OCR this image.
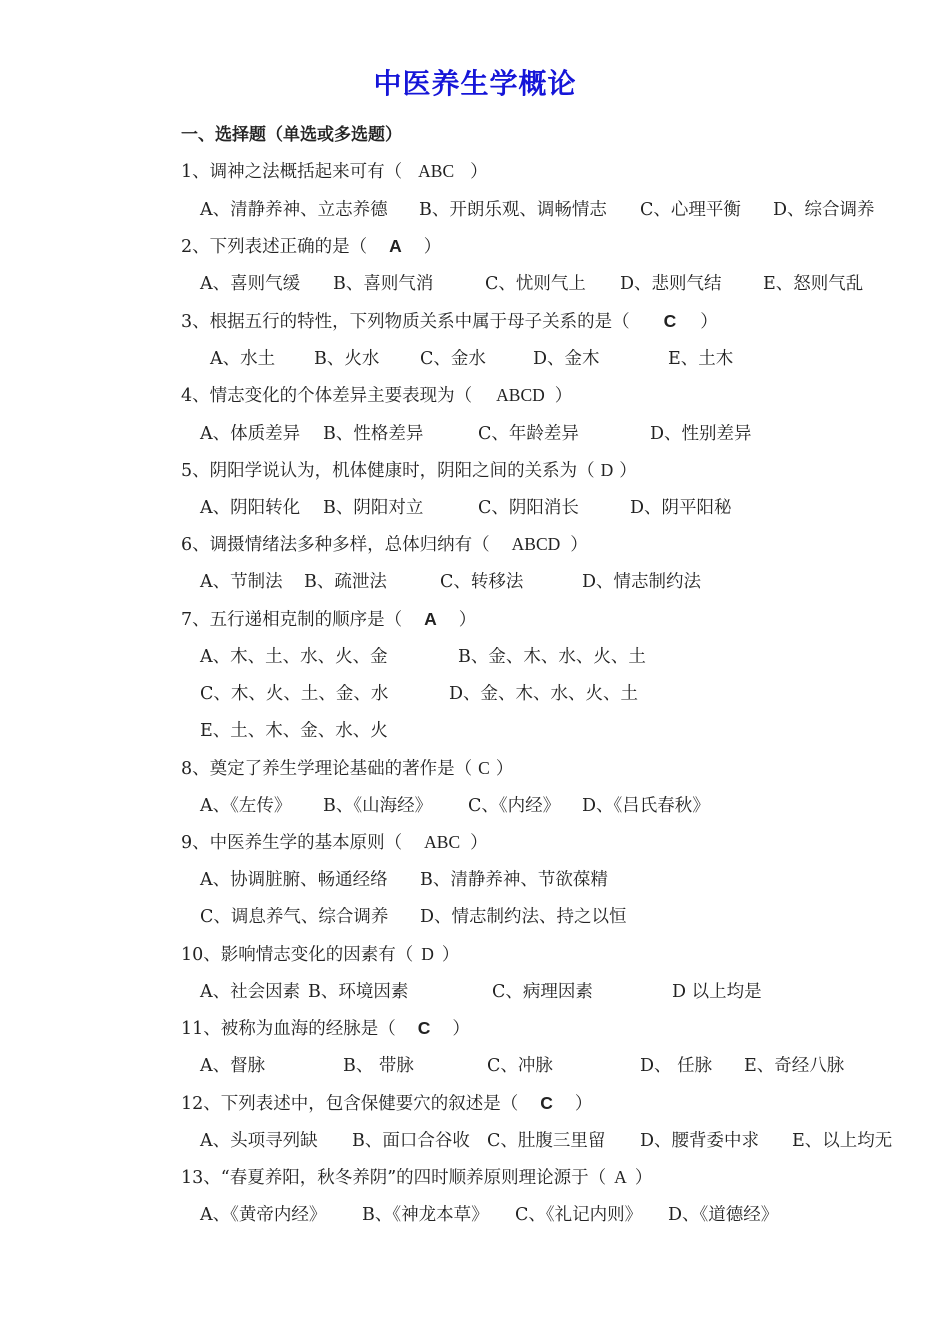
中医养生学概论
一、选择题（单选或多选题）
1、调神之法概括起来可有（ ABC ）
A、清静养神、立志养德 B、开朗乐观、调畅情志 C、心理平衡 D、综合调养
2、下列表述正确的是（ A ）
A、喜则气缓 B、喜则气消	C、忧则气上 D、悲则气结 E、怒则气乱
3、根据五行的特性，下列物质关系中属于母子关系的是（ C ）
A、水土 B、火水 C、金水	D、金木	E、土木
4、情志变化的个体差异主要表现为（ ABCD ）
A、体质差异 B、性格差异	C、年龄差异	D、性别差异
5、阴阳学说认为，机体健康时，阴阳之间的关系为（ D ）
A、阴阳转化 B、阴阳对立	C、阴阳消长	D、阴平阳秘
6、调摄情绪法多种多样，总体归纳有（ ABCD ）
A、节制法 B、疏泄法	C、转移法	D、情志制约法
7、五行递相克制的顺序是（ A ）
A、木、土、水、火、金	B、金、木、水、火、土
C、木、火、土、金、水	D、金、木、水、火、土
E、土、木、金、水、火
8、奠定了养生学理论基础的著作是（ C ）
A、《左传》 B、《山海经》 C、《内经》 D、《吕氏春秋》
9、中医养生学的基本原则（ ABC ）
A、协调脏腑、畅通经络 B、清静养神、节欲葆精
C、调息养气、综合调养 D、情志制约法、持之以恒
10、影响情志变化的因素有（ D ）
A、社会因素 B、环境因素	C、病理因素	D 以上均是
11、被称为血海的经脉是（ C ）
A、督脉	B、 带脉	C、冲脉	D、 任脉 E、奇经八脉
12、下列表述中，包含保健要穴的叙述是（ C ）
A、头项寻列缺 B、面口合谷收 C、肚腹三里留 D、腰背委中求 E、以上均无
13、“春夏养阳，秋冬养阴”的四时顺养原则理论源于（ A ）
A、《黄帝内经》 B、《神龙本草》 C、《礼记内则》 D、《道德经》
